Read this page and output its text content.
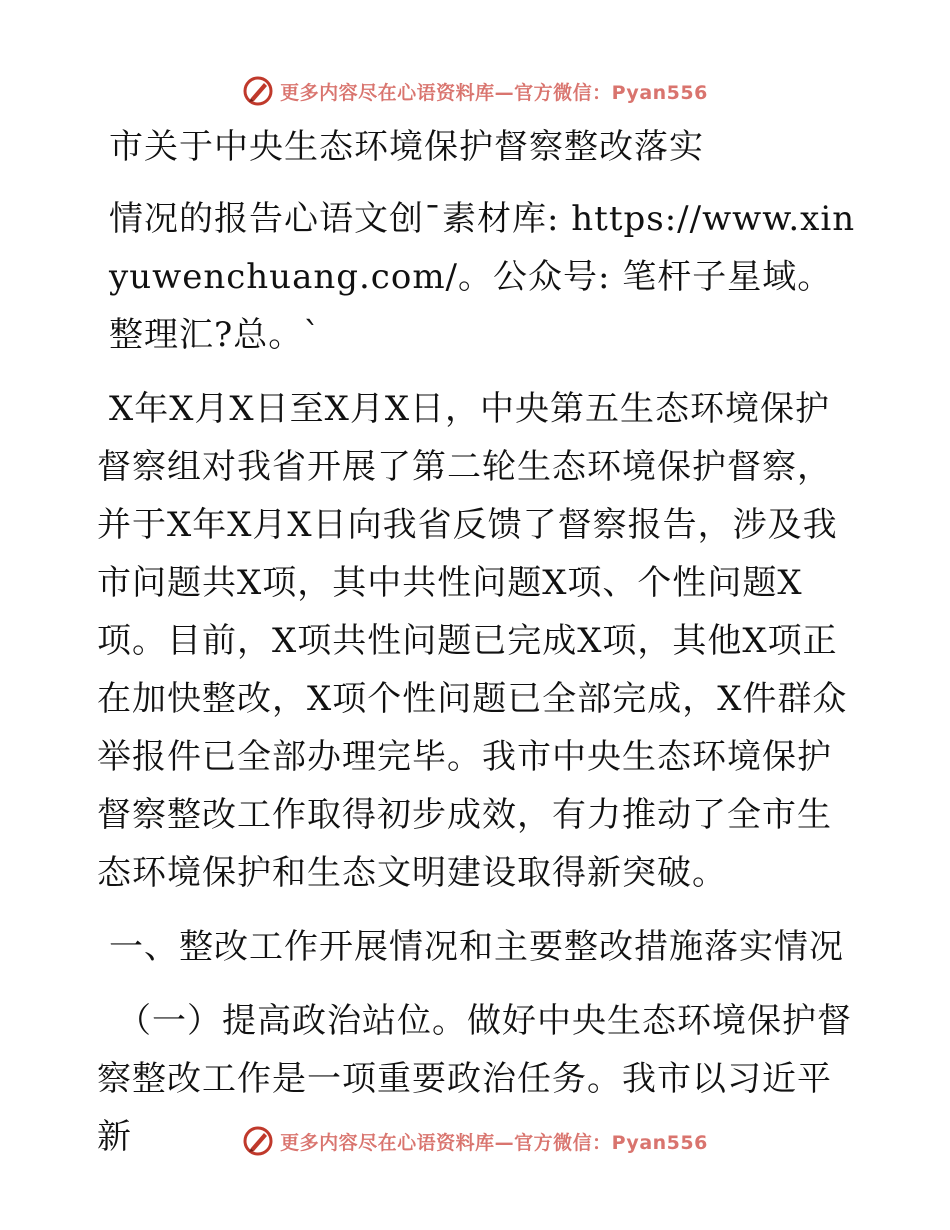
更多内容尽在心语资料库—官方微信：Pyan556

市关于中央生态环境保护督察整改落实

情况的报告心语文创¯素材库: https://www.xinyuwenchuang.com/。公众号: 笔杆子星域。整理汇?总。`

X年X月X日至X月X日，中央第五生态环境保护督察组对我省开展了第二轮生态环境保护督察，并于X年X月X日向我省反馈了督察报告，涉及我市问题共X项，其中共性问题X项、个性问题X项。目前，X项共性问题已完成X项，其他X项正在加快整改，X项个性问题已全部完成，X件群众举报件已全部办理完毕。我市中央生态环境保护督察整改工作取得初步成效，有力推动了全市生态环境保护和生态文明建设取得新突破。

一、整改工作开展情况和主要整改措施落实情况

（一）提高政治站位。做好中央生态环境保护督察整改工作是一项重要政治任务。我市以习近平新	更多内容尽在心语资料库—官方微信：Pyan556
